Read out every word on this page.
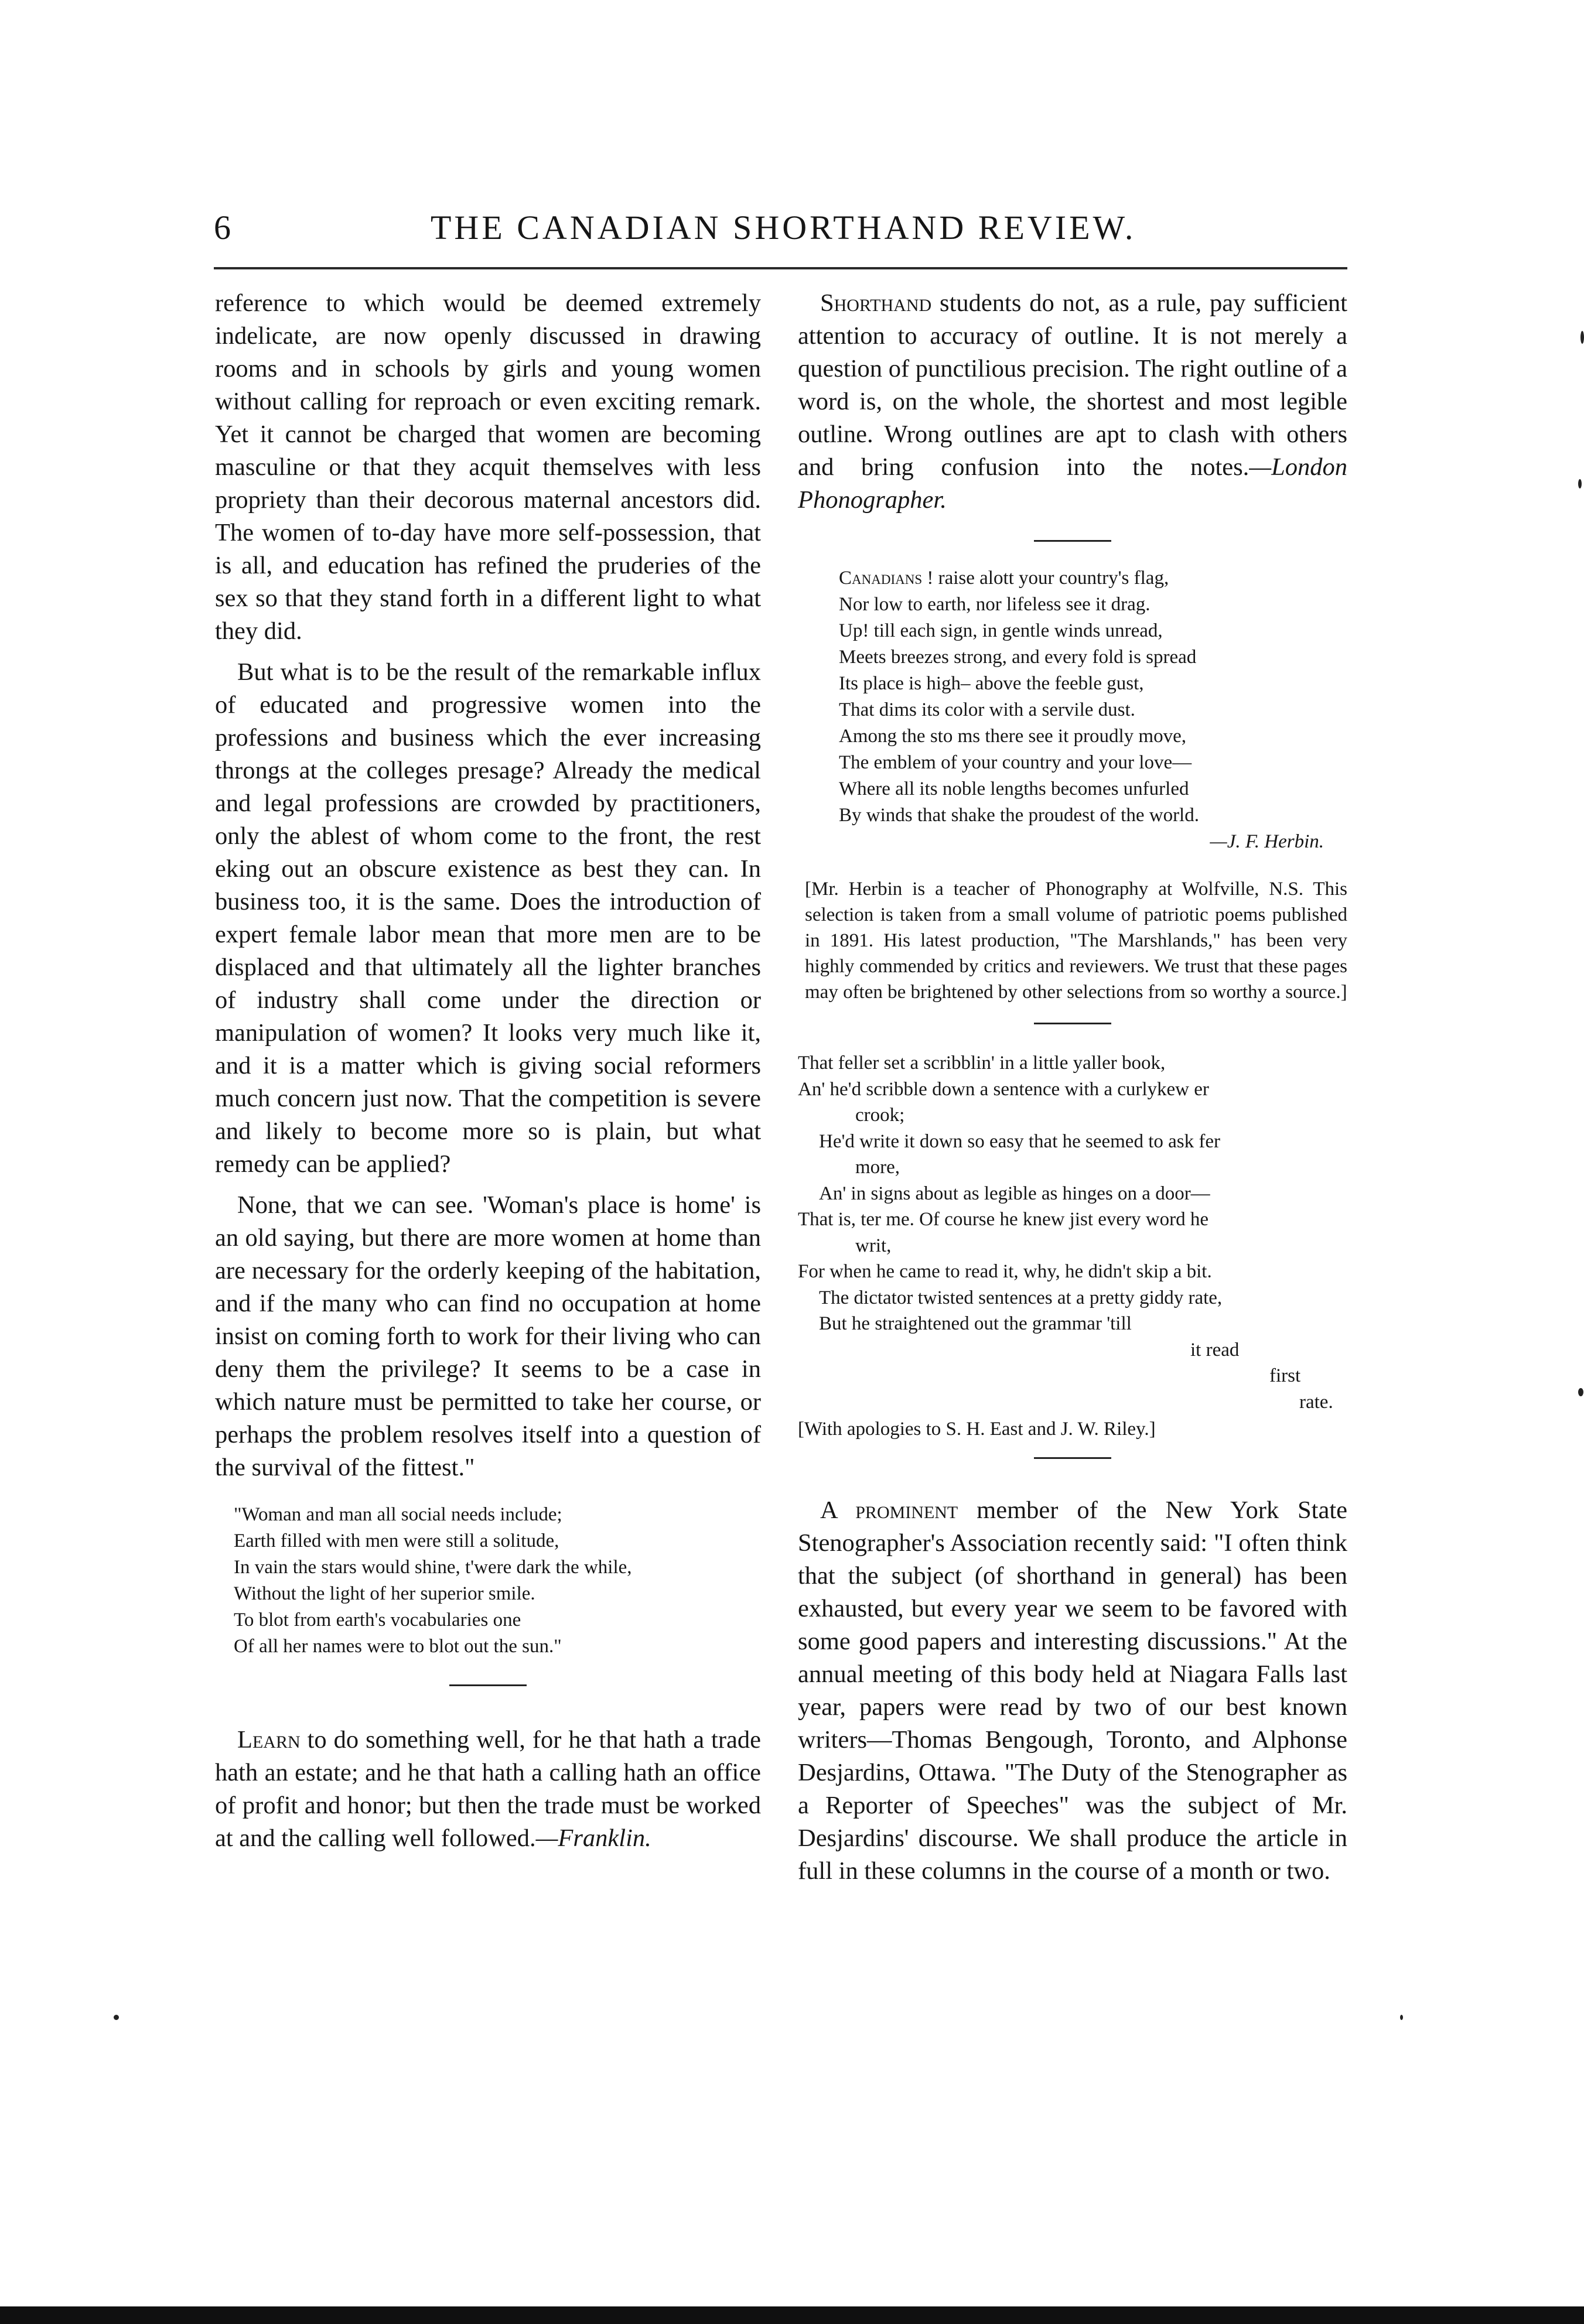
6	THE CANADIAN SHORTHAND REVIEW.

reference to which would be deemed extremely indelicate, are now openly discussed in drawing rooms and in schools by girls and young women without calling for reproach or even exciting remark. Yet it cannot be charged that women are becoming masculine or that they acquit themselves with less propriety than their decorous maternal ancestors did. The women of to-day have more self-possession, that is all, and education has refined the pruderies of the sex so that they stand forth in a different light to what they did.

But what is to be the result of the remarkable influx of educated and progressive women into the professions and business which the ever increasing throngs at the colleges presage? Already the medical and legal professions are crowded by practitioners, only the ablest of whom come to the front, the rest eking out an obscure existence as best they can. In business too, it is the same. Does the introduction of expert female labor mean that more men are to be displaced and that ultimately all the lighter branches of industry shall come under the direction or manipulation of women? It looks very much like it, and it is a matter which is giving social reformers much concern just now. That the competition is severe and likely to become more so is plain, but what remedy can be applied?

None, that we can see. 'Woman's place is home' is an old saying, but there are more women at home than are necessary for the orderly keeping of the habitation, and if the many who can find no occupation at home insist on coming forth to work for their living who can deny them the privilege? It seems to be a case in which nature must be permitted to take her course, or perhaps the problem resolves itself into a question of the survival of the fittest."

"Woman and man all social needs include;
Earth filled with men were still a solitude,
In vain the stars would shine, t'were dark the while,
Without the light of her superior smile.
To blot from earth's vocabularies one
Of all her names were to blot out the sun."

Learn to do something well, for he that hath a trade hath an estate; and he that hath a calling hath an office of profit and honor; but then the trade must be worked at and the calling well followed.—Franklin.

Shorthand students do not, as a rule, pay sufficient attention to accuracy of outline. It is not merely a question of punctilious precision. The right outline of a word is, on the whole, the shortest and most legible outline. Wrong outlines are apt to clash with others and bring confusion into the notes.—London Phonographer.

Canadians ! raise alott your country's flag,
Nor low to earth, nor lifeless see it drag.
Up! till each sign, in gentle winds unread,
Meets breezes strong, and every fold is spread
Its place is high– above the feeble gust,
That dims its color with a servile dust.
Among the sto ms there see it proudly move,
The emblem of your country and your love—
Where all its noble lengths becomes unfurled
By winds that shake the proudest of the world.

—J. F. Herbin.

[Mr. Herbin is a teacher of Phonography at Wolfville, N.S. This selection is taken from a small volume of patriotic poems published in 1891. His latest production, "The Marshlands," has been very highly commended by critics and reviewers. We trust that these pages may often be brightened by other selections from so worthy a source.]

That feller set a scribblin' in a little yaller book,
An' he'd scribble down a sentence with a curlykew er
crook;
He'd write it down so easy that he seemed to ask fer
more,
An' in signs about as legible as hinges on a door—
That is, ter me. Of course he knew jist every word he
writ,
For when he came to read it, why, he didn't skip a bit.
The dictator twisted sentences at a pretty giddy rate,
But he straightened out the grammar 'till
it read
first
rate.

[With apologies to S. H. East and J. W. Riley.]

A prominent member of the New York State Stenographer's Association recently said: "I often think that the subject (of shorthand in general) has been exhausted, but every year we seem to be favored with some good papers and interesting discussions." At the annual meeting of this body held at Niagara Falls last year, papers were read by two of our best known writers—Thomas Bengough, Toronto, and Alphonse Desjardins, Ottawa. "The Duty of the Stenographer as a Reporter of Speeches" was the subject of Mr. Desjardins' discourse. We shall produce the article in full in these columns in the course of a month or two.
